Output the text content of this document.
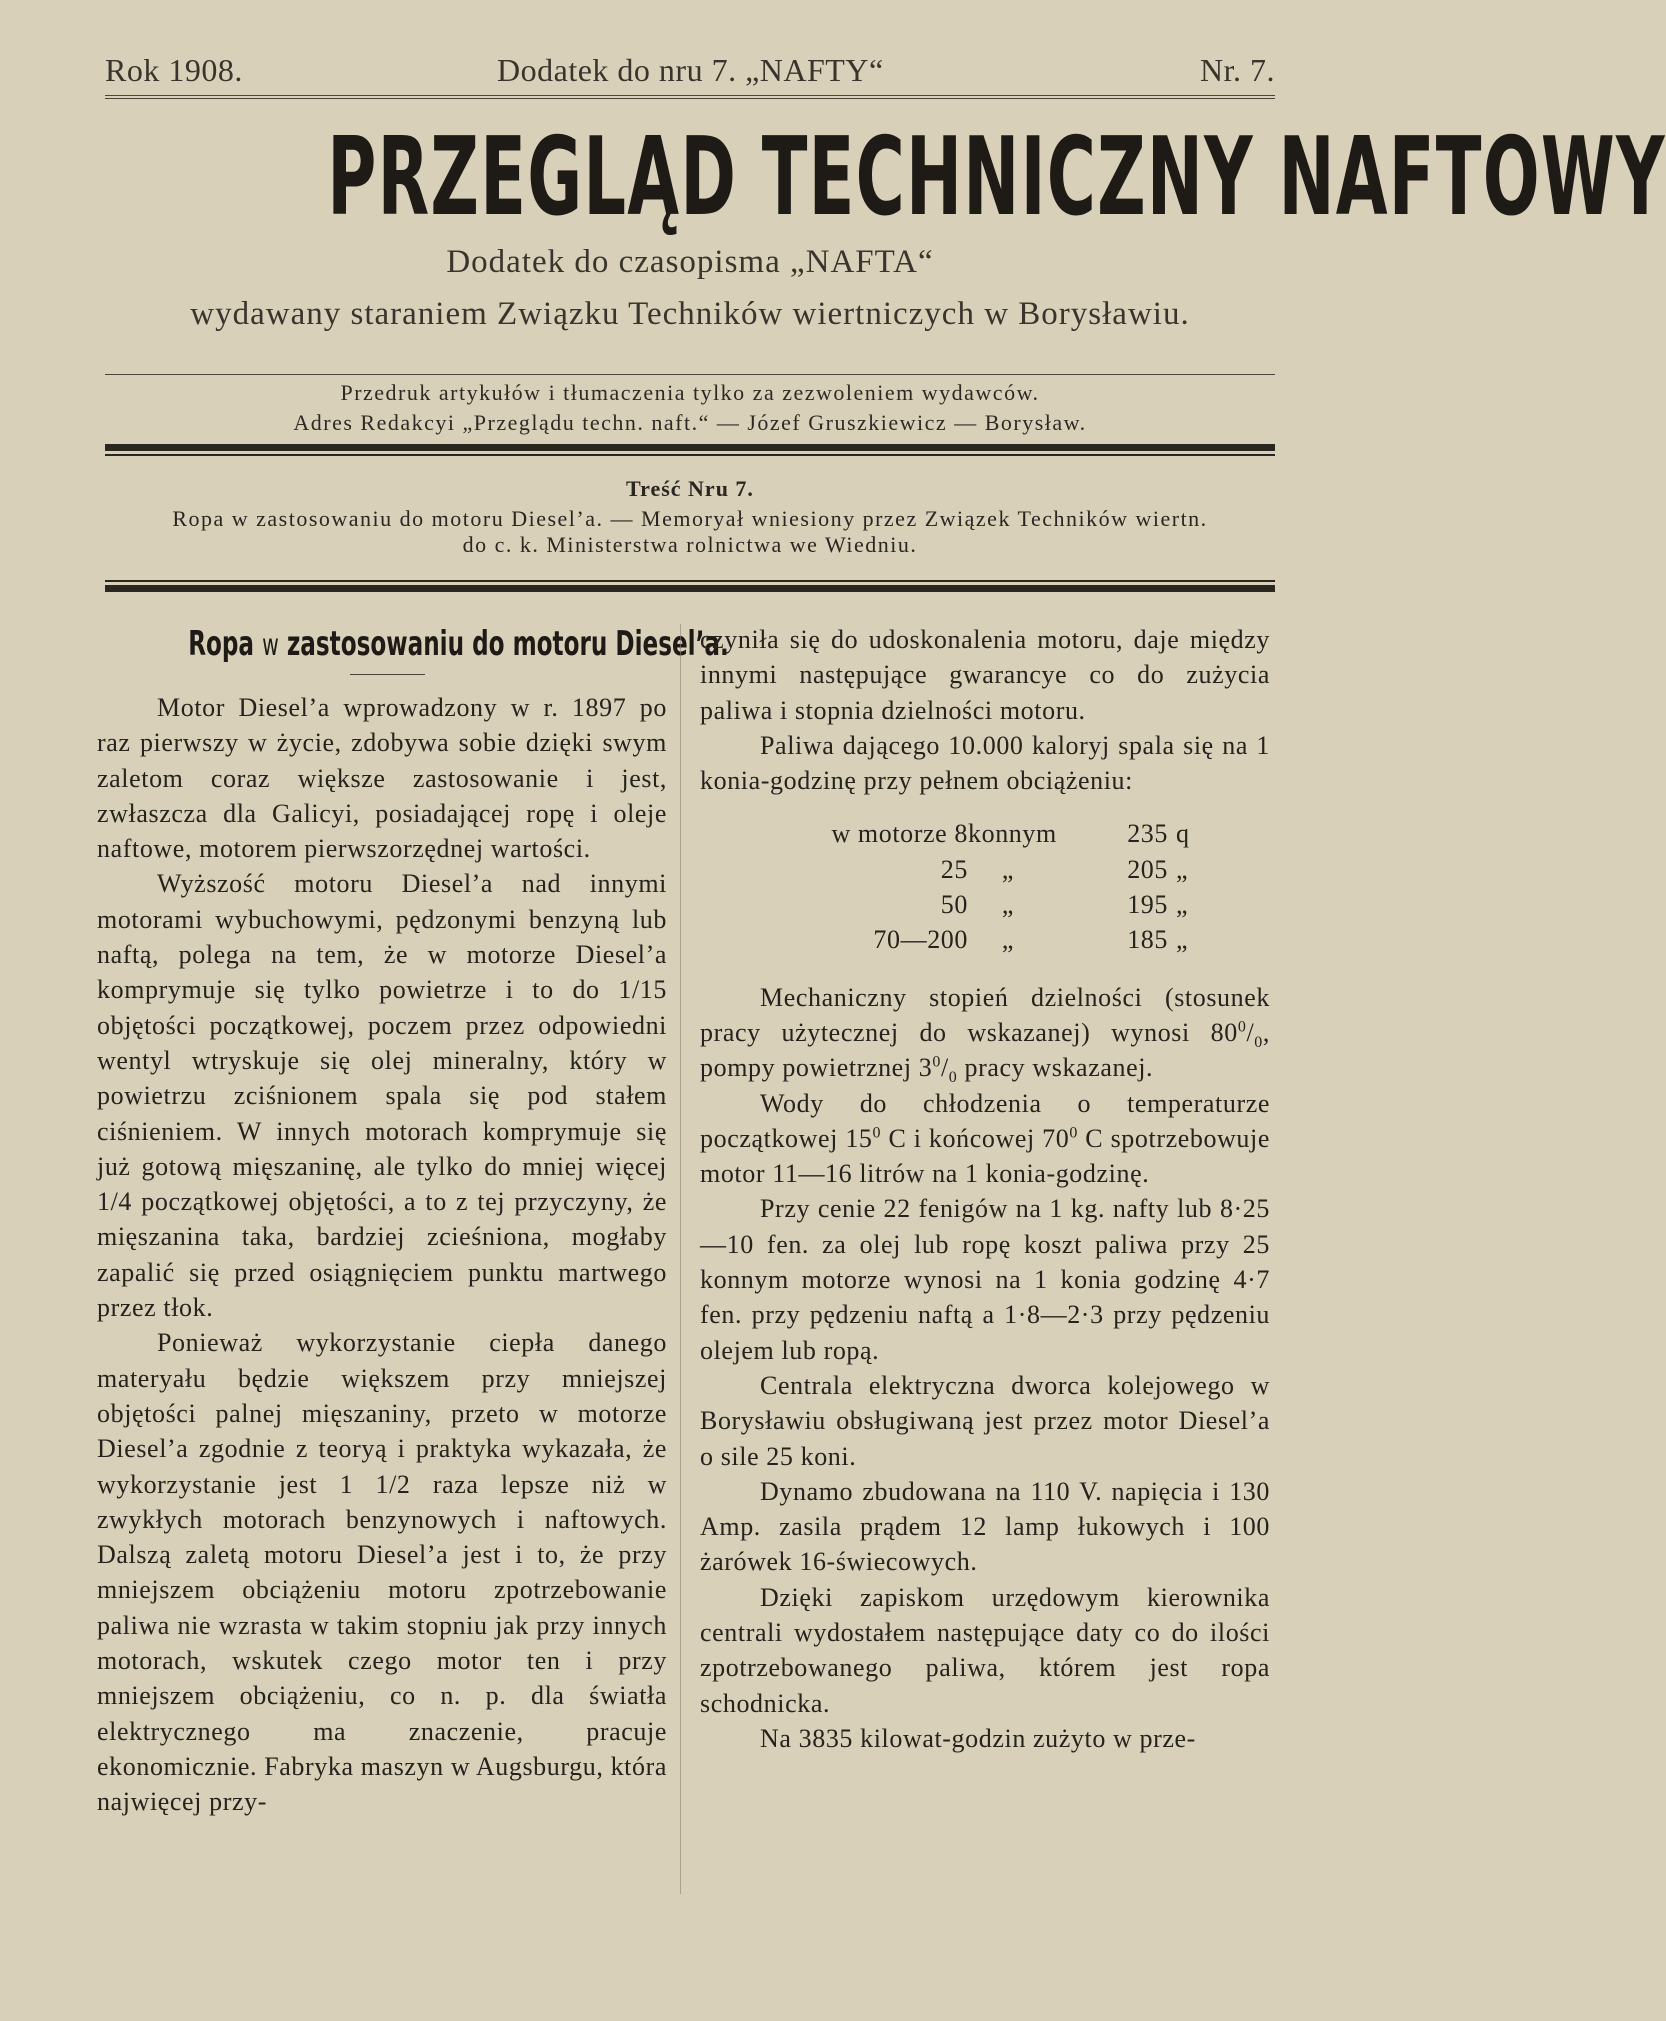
Rok 1908.	Dodatek do nru 7. „NAFTY“	Nr. 7.
PRZEGLĄD TECHNICZNY NAFTOWY
Dodatek do czasopisma „NAFTA“
wydawany staraniem Związku Techników wiertniczych w Borysławiu.
Przedruk artykułów i tłumaczenia tylko za zezwoleniem wydawców.
Adres Redakcyi „Przeglądu techn. naft.“ — Józef Gruszkiewicz — Borysław.
Treść Nru 7.
Ropa w zastosowaniu do motoru Diesel’a. — Memoryał wniesiony przez Związek Techników wiertn.
do c. k. Ministerstwa rolnictwa we Wiedniu.
Ropa w zastosowaniu do motoru Diesel’a.

Motor Diesel’a wprowadzony w r. 1897 po raz pierwszy w życie, zdobywa sobie dzięki swym zaletom coraz większe zastosowanie i jest, zwłaszcza dla Galicyi, posiadającej ropę i oleje naftowe, motorem pierwszorzędnej wartości.

Wyższość motoru Diesel’a nad innymi motorami wybuchowymi, pędzonymi benzyną lub naftą, polega na tem, że w motorze Diesel’a komprymuje się tylko powietrze i to do 1/15 objętości początkowej, poczem przez odpowiedni wentyl wtryskuje się olej mineralny, który w powietrzu zciśnionem spala się pod stałem ciśnieniem. W innych motorach komprymuje się już gotową mięszaninę, ale tylko do mniej więcej 1/4 początkowej objętości, a to z tej przyczyny, że mięszanina taka, bardziej zcieśniona, mogłaby zapalić się przed osiągnięciem punktu martwego przez tłok.

Ponieważ wykorzystanie ciepła danego materyału będzie większem przy mniejszej objętości palnej mięszaniny, przeto w motorze Diesel’a zgodnie z teoryą i praktyka wykazała, że wykorzystanie jest 1 1/2 raza lepsze niż w zwykłych motorach benzynowych i naftowych. Dalszą zaletą motoru Diesel’a jest i to, że przy mniejszem obciążeniu motoru zpotrzebowanie paliwa nie wzrasta w takim stopniu jak przy innych motorach, wskutek czego motor ten i przy mniejszem obciążeniu, co n. p. dla światła elektrycznego ma znaczenie, pracuje ekonomicznie. Fabryka maszyn w Augsburgu, która najwięcej przy-

czyniła się do udoskonalenia motoru, daje między innymi następujące gwarancye co do zużycia paliwa i stopnia dzielności motoru.

Paliwa dającego 10.000 kaloryj spala się na 1 konia-godzinę przy pełnem obciążeniu:

w motorze 8 konnym	235 q
25	„	205 „
50	„	195 „
70—200	„	185 „

Mechaniczny stopień dzielności (stosunek pracy użytecznej do wskazanej) wynosi $80^0/_0$, pompy powietrznej $3^0/_0$ pracy wskazanej.

Wody do chłodzenia o temperaturze początkowej $15^0$ C i końcowej $70^0$ C spotrzebowuje motor 11—16 litrów na 1 konia-godzinę.

Przy cenie 22 fenigów na 1 kg. nafty lub 8·25—10 fen. za olej lub ropę koszt paliwa przy 25 konnym motorze wynosi na 1 konia godzinę 4·7 fen. przy pędzeniu naftą a 1·8—2·3 przy pędzeniu olejem lub ropą.

Centrala elektryczna dworca kolejowego w Borysławiu obsługiwaną jest przez motor Diesel’a o sile 25 koni.

Dynamo zbudowana na 110 V. napięcia i 130 Amp. zasila prądem 12 lamp łukowych i 100 żarówek 16-świecowych.

Dzięki zapiskom urzędowym kierownika centrali wydostałem następujące daty co do ilości zpotrzebowanego paliwa, którem jest ropa schodnicka.

Na 3835 kilowat-godzin zużyto w prze-
